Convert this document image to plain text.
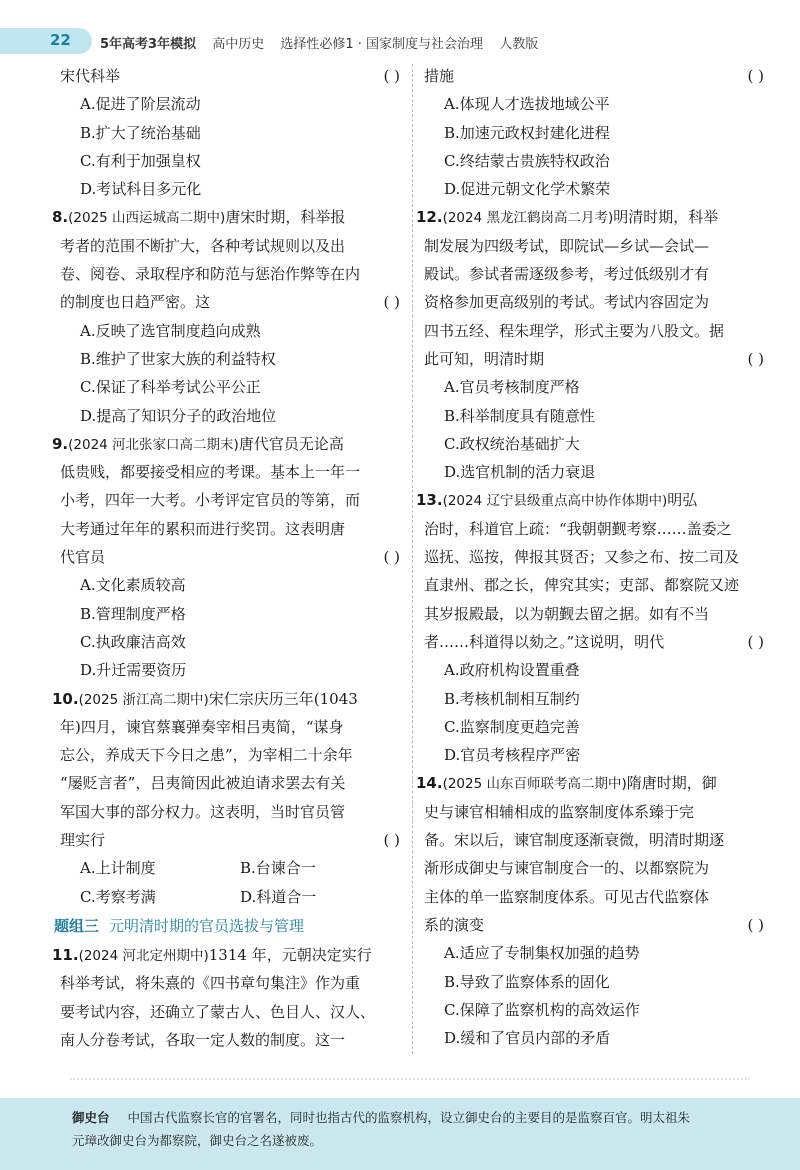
22 5年高考3年模拟 高中历史 选择性必修1 · 国家制度与社会治理 人教版
宋代科举	( )
A.促进了阶层流动
B.扩大了统治基础
C.有利于加强皇权
D.考试科目多元化
8.(2025 山西运城高二期中)唐宋时期，科举报
考者的范围不断扩大，各种考试规则以及出
卷、阅卷、录取程序和防范与惩治作弊等在内
的制度也日趋严密。这	( )
A.反映了选官制度趋向成熟
B.维护了世家大族的利益特权
C.保证了科举考试公平公正
D.提高了知识分子的政治地位
9.(2024 河北张家口高二期末)唐代官员无论高
低贵贱，都要接受相应的考课。基本上一年一
小考，四年一大考。小考评定官员的等第，而
大考通过年年的累积而进行奖罚。这表明唐
代官员	( )
A.文化素质较高
B.管理制度严格
C.执政廉洁高效
D.升迁需要资历
10.(2025 浙江高二期中)宋仁宗庆历三年(1043
年)四月，谏官蔡襄弹奏宰相吕夷简，“谋身
忘公，养成天下今日之患”，为宰相二十余年
“屡贬言者”，吕夷简因此被迫请求罢去有关
军国大事的部分权力。这表明，当时官员管
理实行	( )
A.上计制度	B.台谏合一
C.考察考满	D.科道合一
题组三 元明清时期的官员选拔与管理
11.(2024 河北定州期中)1314 年，元朝决定实行
科举考试，将朱熹的《四书章句集注》作为重
要考试内容，还确立了蒙古人、色目人、汉人、
南人分卷考试，各取一定人数的制度。这一
措施	( )
A.体现人才选拔地域公平
B.加速元政权封建化进程
C.终结蒙古贵族特权政治
D.促进元朝文化学术繁荣
12.(2024 黑龙江鹤岗高二月考)明清时期，科举
制发展为四级考试，即院试—乡试—会试—
殿试。参试者需逐级参考，考过低级别才有
资格参加更高级别的考试。考试内容固定为
四书五经、程朱理学，形式主要为八股文。据
此可知，明清时期	( )
A.官员考核制度严格
B.科举制度具有随意性
C.政权统治基础扩大
D.选官机制的活力衰退
13.(2024 辽宁县级重点高中协作体期中)明弘
治时，科道官上疏：“我朝朝觐考察……盖委之
巡抚、巡按，俾报其贤否；又参之布、按二司及
直隶州、郡之长，俾究其实；吏部、都察院又迹
其岁报殿最，以为朝觐去留之据。如有不当
者……科道得以劾之。”这说明，明代	( )
A.政府机构设置重叠
B.考核机制相互制约
C.监察制度更趋完善
D.官员考核程序严密
14.(2025 山东百师联考高二期中)隋唐时期，御
史与谏官相辅相成的监察制度体系臻于完
备。宋以后，谏官制度逐渐衰微，明清时期逐
渐形成御史与谏官制度合一的、以都察院为
主体的单一监察制度体系。可见古代监察体
系的演变	( )
A.适应了专制集权加强的趋势
B.导致了监察体系的固化
C.保障了监察机构的高效运作
D.缓和了官员内部的矛盾
御史台 中国古代监察长官的官署名，同时也指古代的监察机构，设立御史台的主要目的是监察百官。明太祖朱
元璋改御史台为都察院，御史台之名遂被废。
